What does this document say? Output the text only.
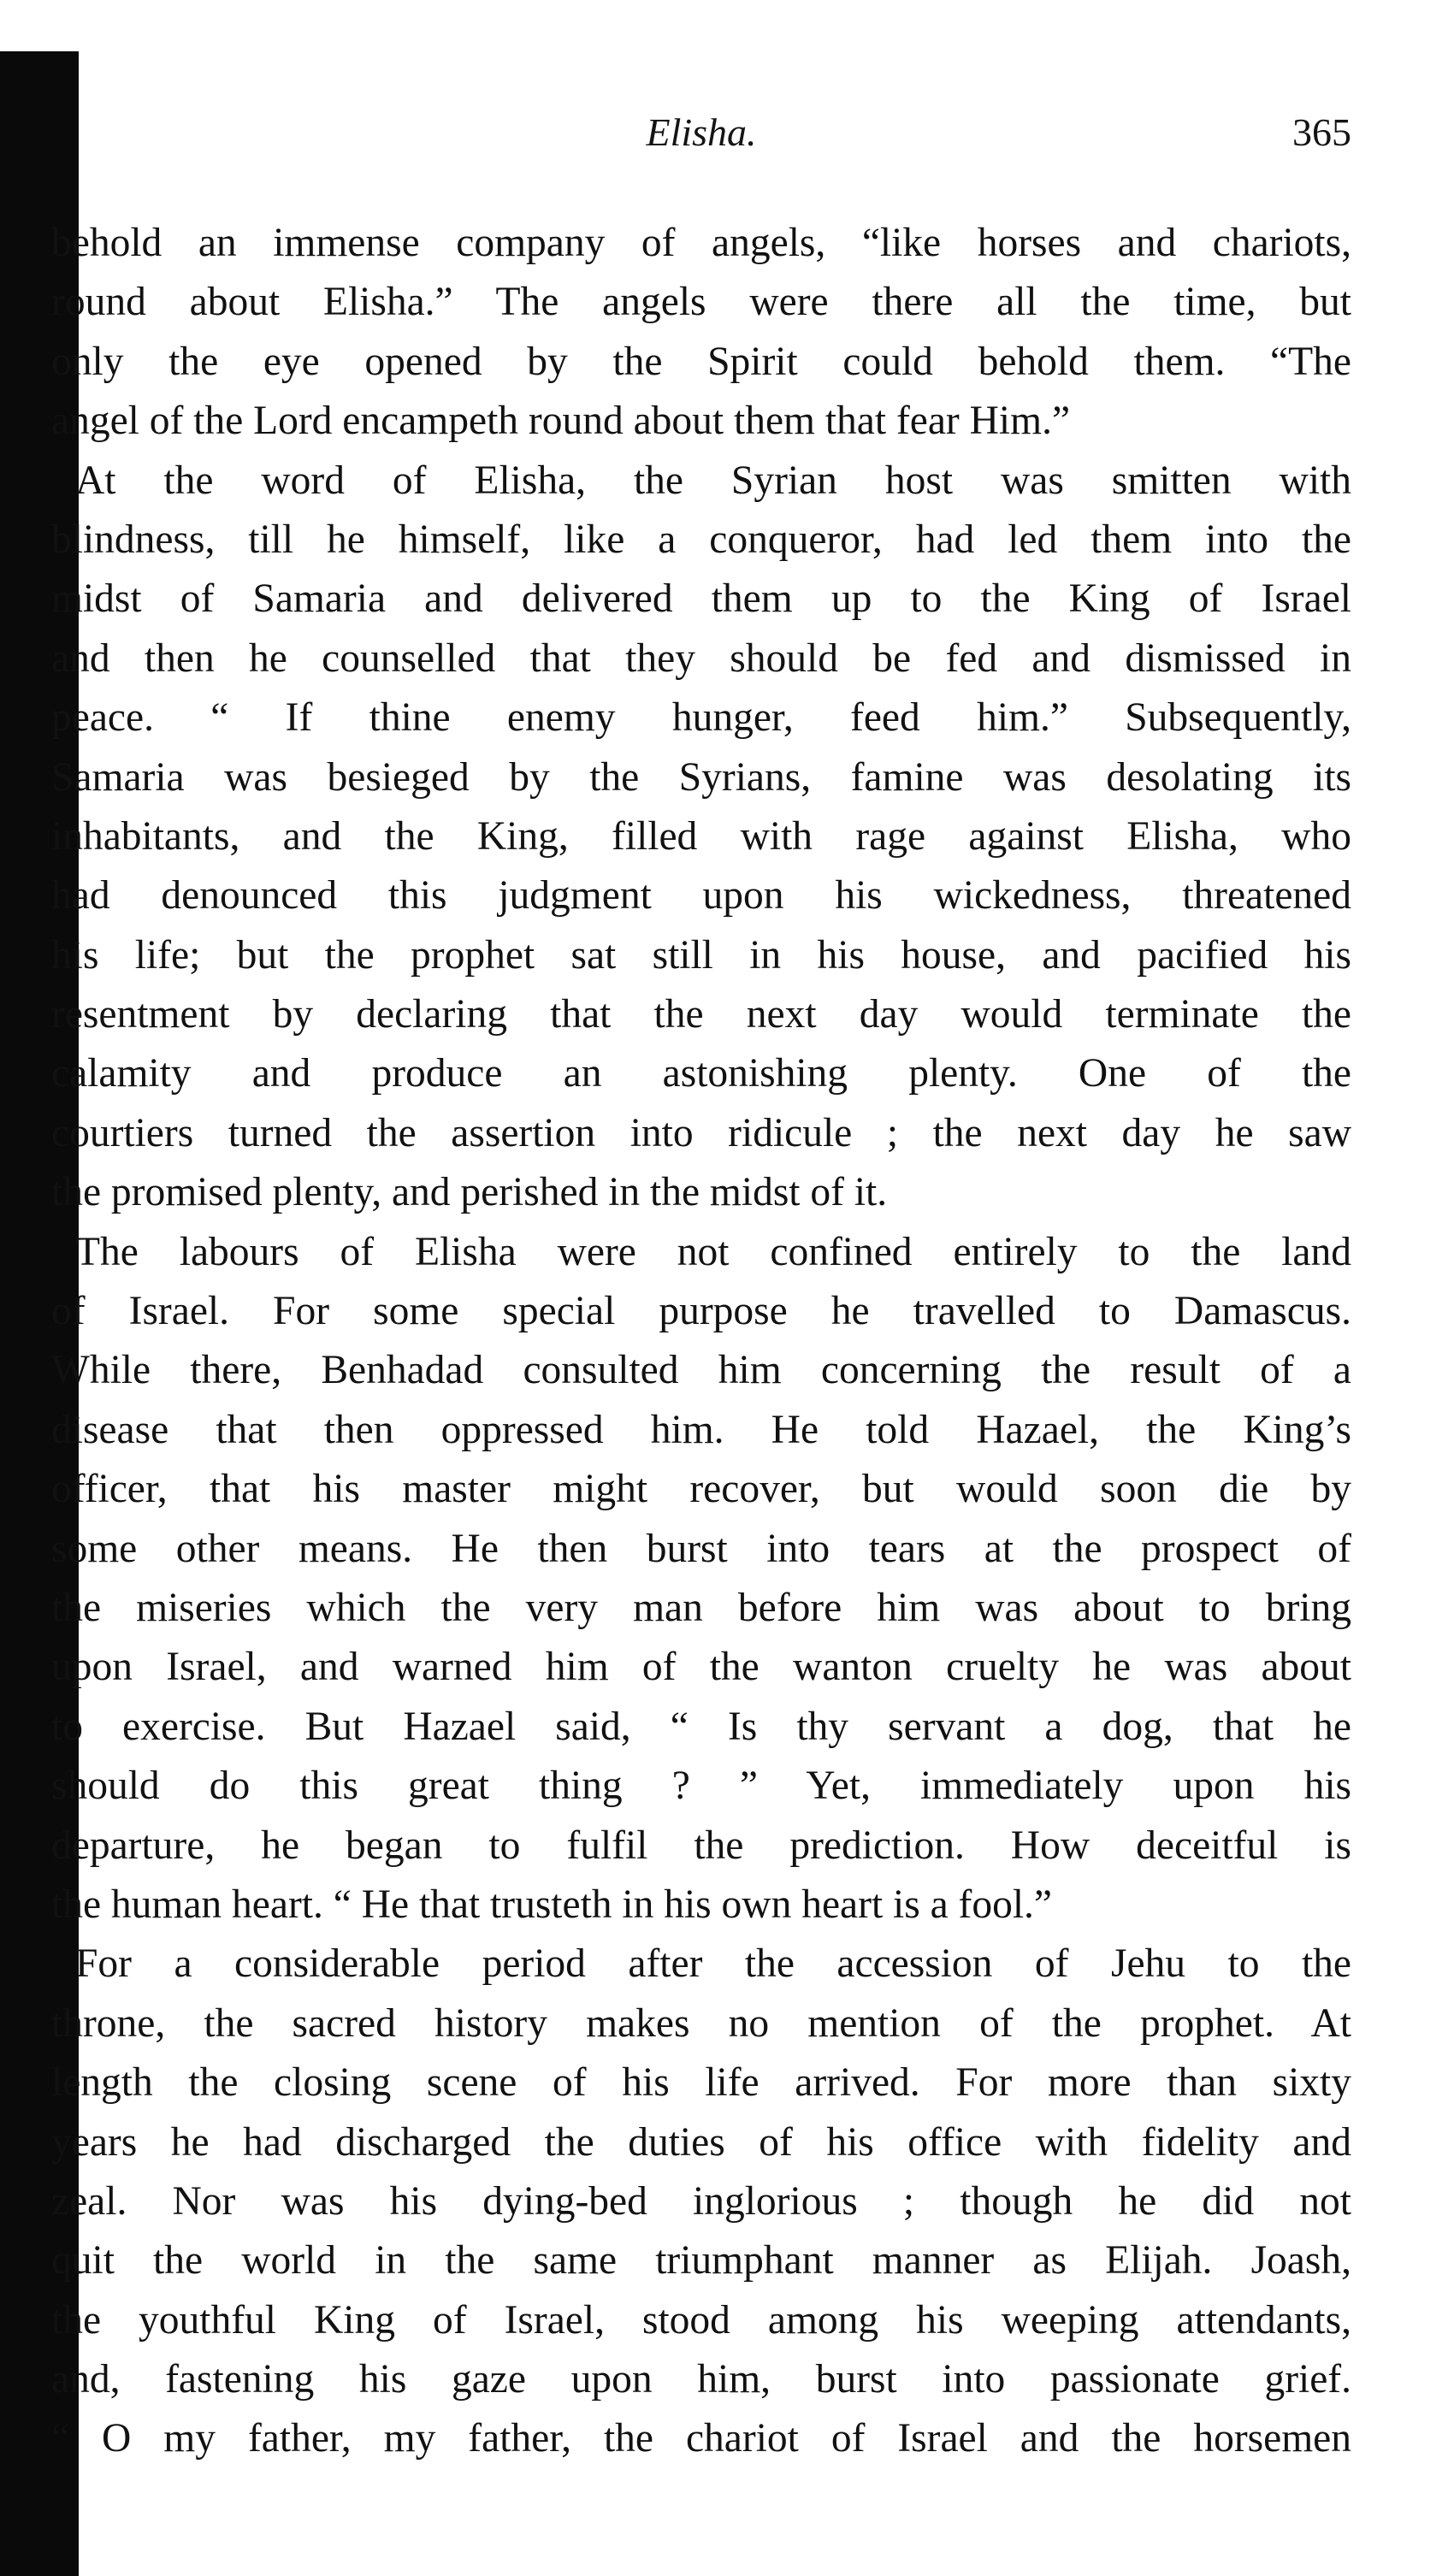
Elisha.	365
behold an immense company of angels, “like horses and chariots,
round about Elisha.” The angels were there all the time, but
only the eye opened by the Spirit could behold them. “The
angel of the Lord encampeth round about them that fear Him.”
At the word of Elisha, the Syrian host was smitten with
blindness, till he himself, like a conqueror, had led them into the
midst of Samaria and delivered them up to the King of Israel
and then he counselled that they should be fed and dismissed in
peace. “ If thine enemy hunger, feed him.” Subsequently,
Samaria was besieged by the Syrians, famine was desolating its
inhabitants, and the King, filled with rage against Elisha, who
had denounced this judgment upon his wickedness, threatened
his life; but the prophet sat still in his house, and pacified his
resentment by declaring that the next day would terminate the
calamity and produce an astonishing plenty. One of the
courtiers turned the assertion into ridicule ; the next day he saw
the promised plenty, and perished in the midst of it.
The labours of Elisha were not confined entirely to the land
of Israel. For some special purpose he travelled to Damascus.
While there, Benhadad consulted him concerning the result of a
disease that then oppressed him. He told Hazael, the King’s
officer, that his master might recover, but would soon die by
some other means. He then burst into tears at the prospect of
the miseries which the very man before him was about to bring
upon Israel, and warned him of the wanton cruelty he was about
to exercise. But Hazael said, “ Is thy servant a dog, that he
should do this great thing ? ” Yet, immediately upon his
departure, he began to fulfil the prediction. How deceitful is
the human heart. “ He that trusteth in his own heart is a fool.”
For a considerable period after the accession of Jehu to the
throne, the sacred history makes no mention of the prophet. At
length the closing scene of his life arrived. For more than sixty
years he had discharged the duties of his office with fidelity and
zeal. Nor was his dying-bed inglorious ; though he did not
quit the world in the same triumphant manner as Elijah. Joash,
the youthful King of Israel, stood among his weeping attendants,
and, fastening his gaze upon him, burst into passionate grief.
“ O my father, my father, the chariot of Israel and the horsemen
